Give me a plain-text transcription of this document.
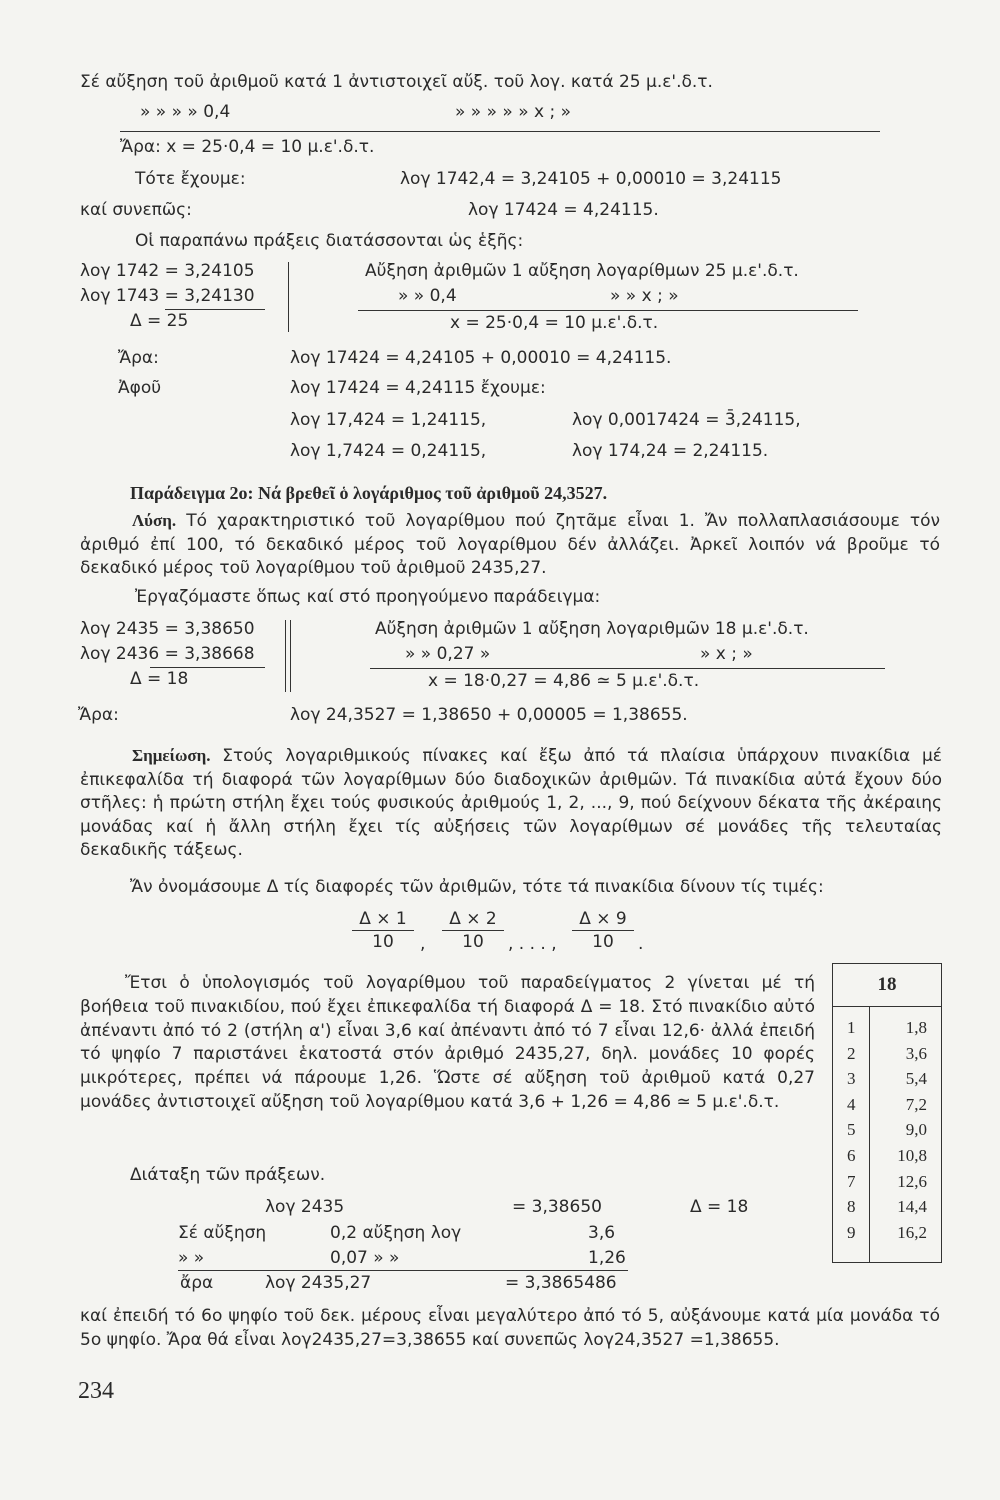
Σέ αὔξηση τοῦ ἀριθμοῦ κατά 1 ἀντιστοιχεῖ αὔξ. τοῦ λογ. κατά 25 μ.ε'.δ.τ.
» » » » 0,4	» » » » » x ; »
Ἄρα: x = 25·0,4 = 10 μ.ε'.δ.τ.
Τότε ἔχουμε:	λογ 1742,4 = 3,24105 + 0,00010 = 3,24115
καί συνεπῶς:	λογ 17424 = 4,24115.
Οἱ παραπάνω πράξεις διατάσσονται ὡς ἑξῆς:
λογ 1742 = 3,24105
λογ 1743 = 3,24130
Δ = 25
Αὔξηση ἀριθμῶν 1 αὔξηση λογαρίθμων 25 μ.ε'.δ.τ.
» » 0,4	» » x ; »
x = 25·0,4 = 10 μ.ε'.δ.τ.
Ἄρα:	λογ 17424 = 4,24105 + 0,00010 = 4,24115.
Ἀφοῦ	λογ 17424 = 4,24115 ἔχουμε:
λογ 17,424 = 1,24115,	λογ 0,0017424 = 3̄,24115,
λογ 1,7424 = 0,24115,	λογ 174,24 = 2,24115.
Παράδειγμα 2ο: Νά βρεθεῖ ὁ λογάριθμος τοῦ ἀριθμοῦ 24,3527.
Λύση. Τό χαρακτηριστικό τοῦ λογαρίθμου πού ζητᾶμε εἶναι 1. Ἄν πολλαπλασιάσουμε τόν ἀριθμό ἐπί 100, τό δεκαδικό μέρος τοῦ λογαρίθμου δέν ἀλλάζει. Ἀρκεῖ λοιπόν νά βροῦμε τό δεκαδικό μέρος τοῦ λογαρίθμου τοῦ ἀριθμοῦ 2435,27.
Ἐργαζόμαστε ὅπως καί στό προηγούμενο παράδειγμα:
λογ 2435 = 3,38650
λογ 2436 = 3,38668
Δ = 18
Αὔξηση ἀριθμῶν 1 αὔξηση λογαριθμῶν 18 μ.ε'.δ.τ.
» » 0,27 »	» x ; »
x = 18·0,27 = 4,86 ≃ 5 μ.ε'.δ.τ.
Ἄρα:	λογ 24,3527 = 1,38650 + 0,00005 = 1,38655.
Σημείωση. Στούς λογαριθμικούς πίνακες καί ἔξω ἀπό τά πλαίσια ὑπάρχουν πινακίδια μέ ἐπικεφαλίδα τή διαφορά τῶν λογαρίθμων δύο διαδοχικῶν ἀριθμῶν. Τά πινακίδια αὐτά ἔχουν δύο στῆλες: ἡ πρώτη στήλη ἔχει τούς φυσικούς ἀριθμούς 1, 2, ..., 9, πού δείχνουν δέκατα τῆς ἀκέραιης μονάδας καί ἡ ἄλλη στήλη ἔχει τίς αὐξήσεις τῶν λογαρίθμων σέ μονάδες τῆς τελευταίας δεκαδικῆς τάξεως.
Ἄν ὀνομάσουμε Δ τίς διαφορές τῶν ἀριθμῶν, τότε τά πινακίδια δίνουν τίς τιμές:
$\frac{\Delta \times 1}{10}$ , $\frac{\Delta \times 2}{10}$ , . . . , $\frac{\Delta \times 9}{10}$ .
Ἔτσι ὁ ὑπολογισμός τοῦ λογαρίθμου τοῦ παραδείγματος 2 γίνεται μέ τή βοήθεια τοῦ πινακιδίου, πού ἔχει ἐπικεφαλίδα τή διαφορά Δ = 18. Στό πινακίδιο αὐτό ἀπέναντι ἀπό τό 2 (στήλη α') εἶναι 3,6 καί ἀπέναντι ἀπό τό 7 εἶναι 12,6· ἀλλά ἐπειδή τό ψηφίο 7 παριστάνει ἑκατοστά στόν ἀριθμό 2435,27, δηλ. μονάδες 10 φορές μικρότερες, πρέπει νά πάρουμε 1,26. Ὥστε σέ αὔξηση τοῦ ἀριθμοῦ κατά 0,27 μονάδες ἀντιστοιχεῖ αὔξηση τοῦ λογαρίθμου κατά 3,6 + 1,26 = 4,86 ≃ 5 μ.ε'.δ.τ.
18
1	1,8
2	3,6
3	5,4
4	7,2
5	9,0
6 10,8
7 12,6
8 14,4
9 16,2
Διάταξη τῶν πράξεων.
λογ 2435	= 3,38650	Δ = 18
Σέ αὔξηση	0,2 αὔξηση λογ	3,6
» »	0,07 » »	1,26
ἄρα	λογ 2435,27	= 3,3865486
καί ἐπειδή τό 6ο ψηφίο τοῦ δεκ. μέρους εἶναι μεγαλύτερο ἀπό τό 5, αὐξάνουμε κατά μία μονάδα τό 5ο ψηφίο. Ἄρα θά εἶναι λογ2435,27=3,38655 καί συνεπῶς λογ24,3527 =1,38655.
234
